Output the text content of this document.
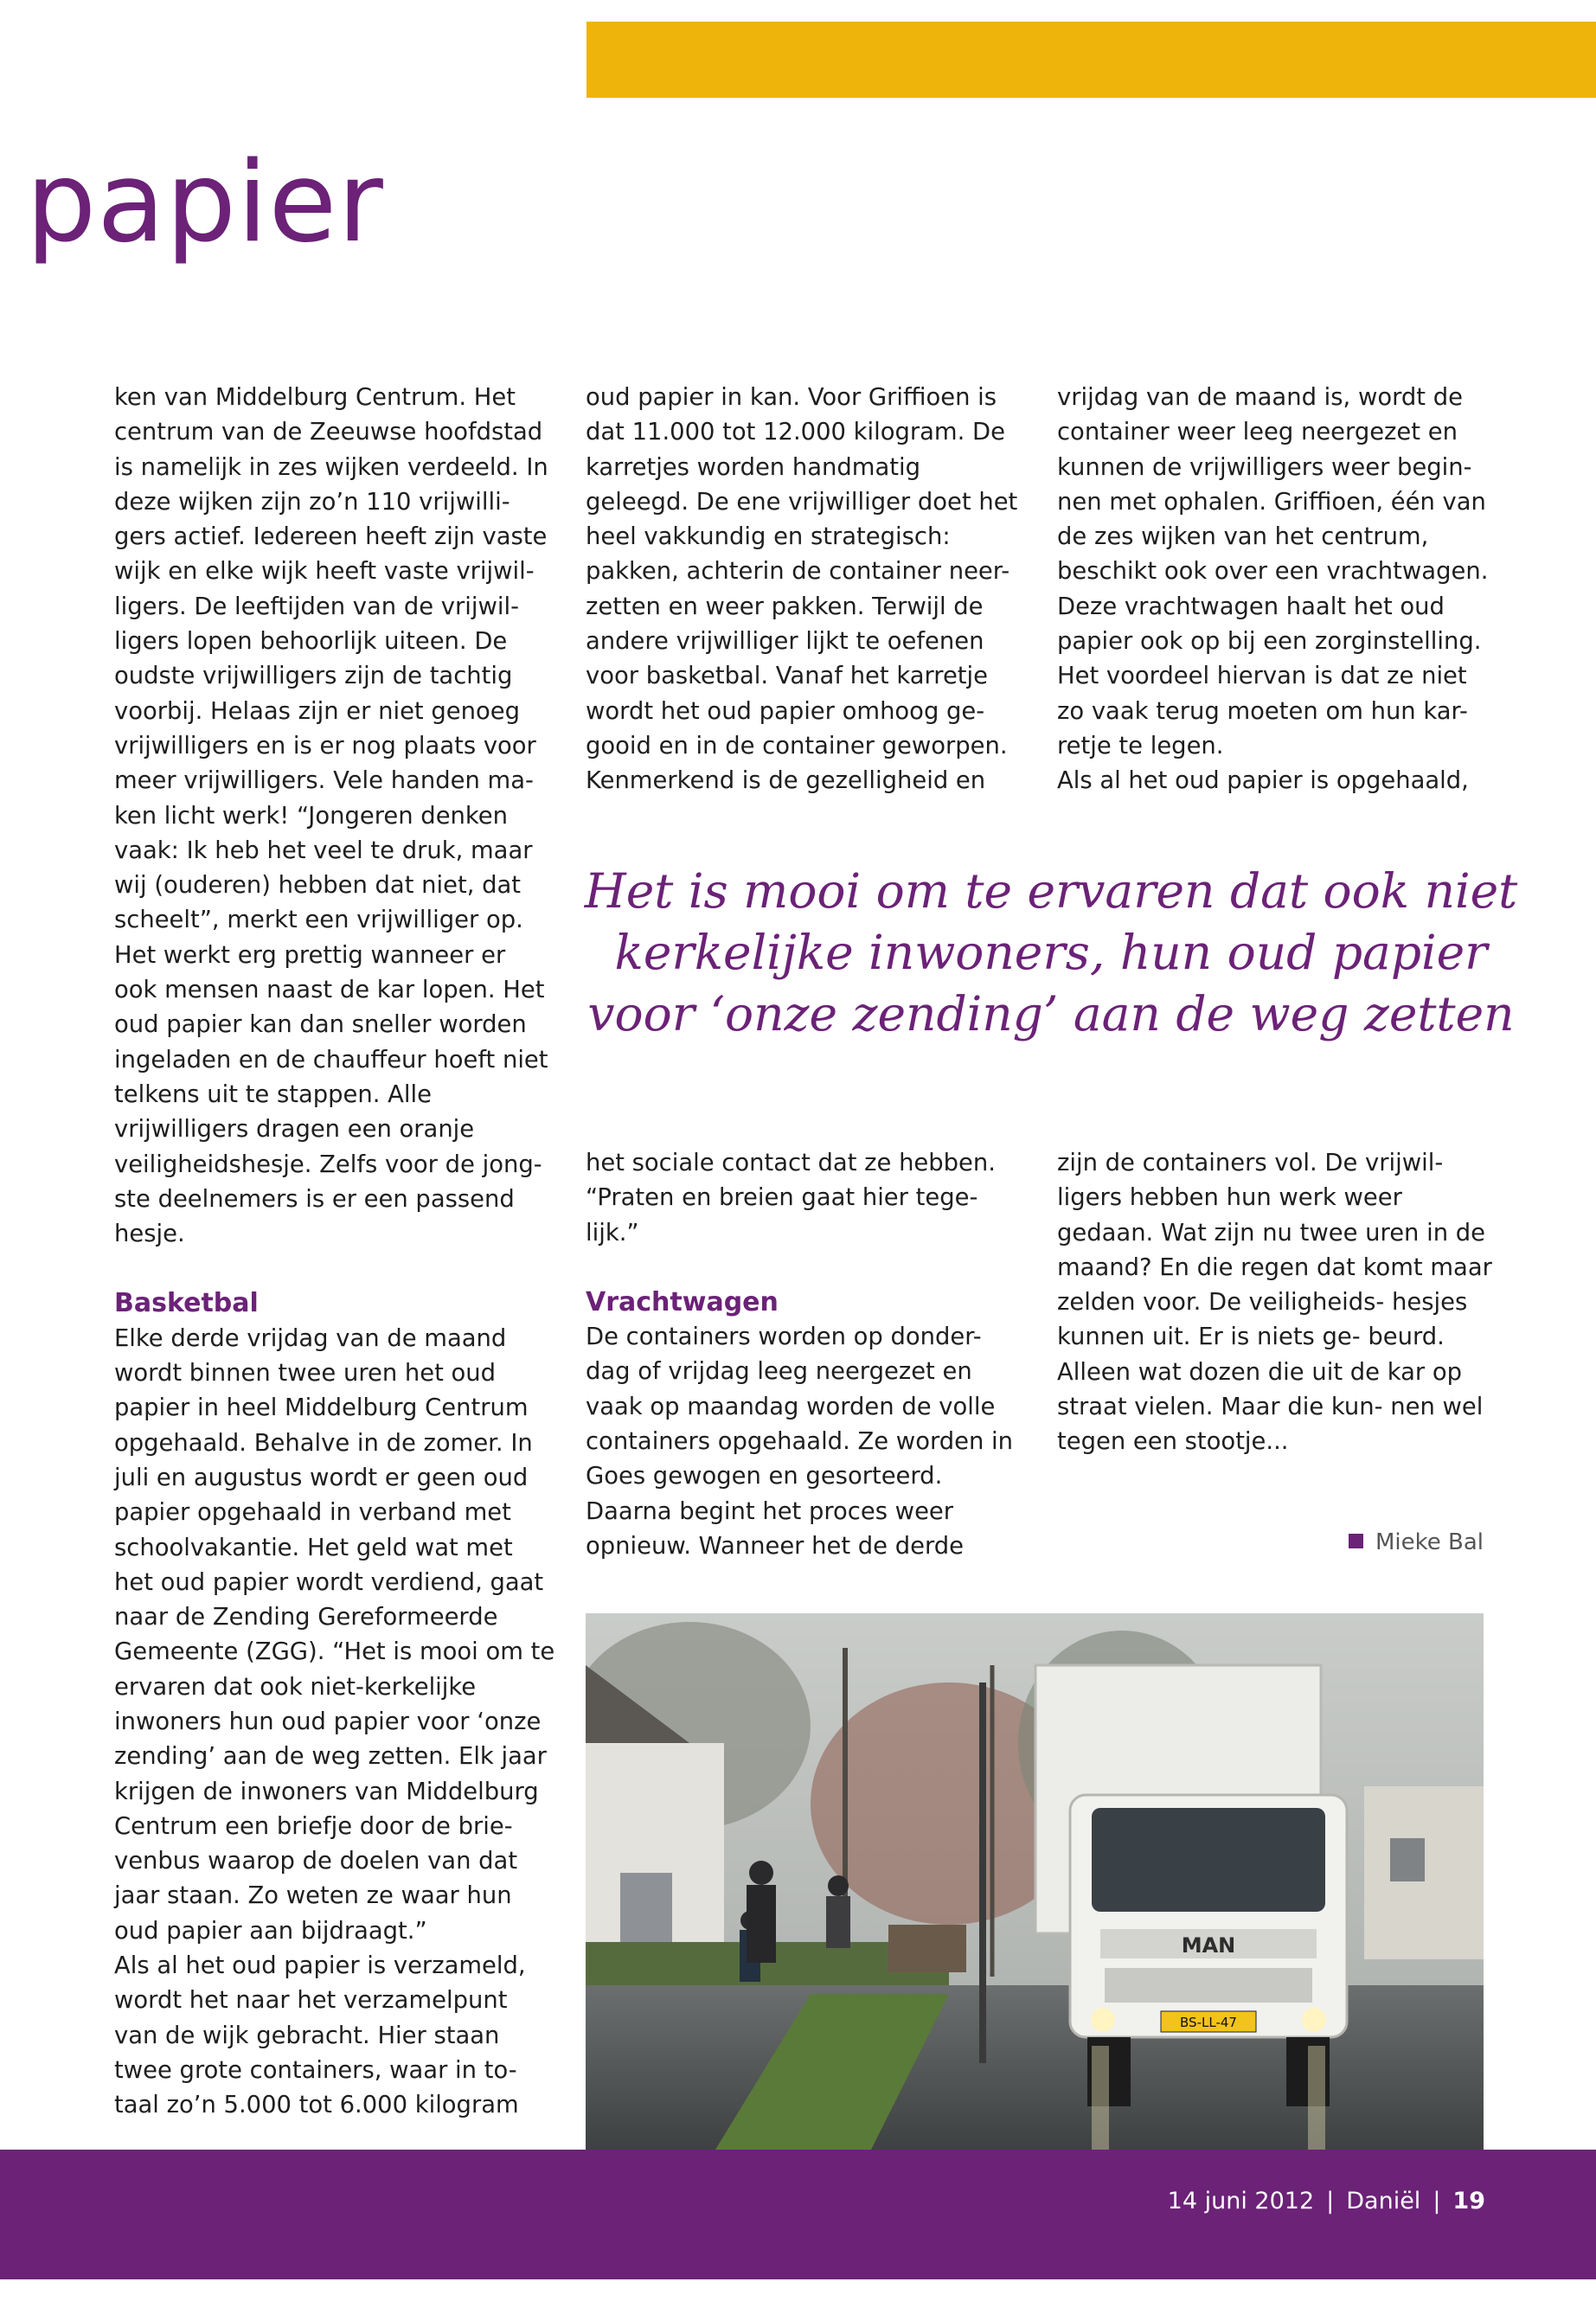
papier

ken van Middelburg Centrum. Het centrum van de Zeeuwse hoofdstad is namelijk in zes wijken verdeeld. In deze wijken zijn zo’n 110 vrijwilli- gers actief. Iedereen heeft zijn vaste wijk en elke wijk heeft vaste vrijwil- ligers. De leeftijden van de vrijwil- ligers lopen behoorlijk uiteen. De oudste vrijwilligers zijn de tachtig voorbij. Helaas zijn er niet genoeg vrijwilligers en is er nog plaats voor meer vrijwilligers. Vele handen ma- ken licht werk! “Jongeren denken vaak: Ik heb het veel te druk, maar wij (ouderen) hebben dat niet, dat scheelt”, merkt een vrijwilliger op. Het werkt erg prettig wanneer er ook mensen naast de kar lopen. Het oud papier kan dan sneller worden ingeladen en de chauffeur hoeft niet telkens uit te stappen. Alle vrijwilligers dragen een oranje veiligheidshesje. Zelfs voor de jong- ste deelnemers is er een passend hesje.

Basketbal

Elke derde vrijdag van de maand wordt binnen twee uren het oud papier in heel Middelburg Centrum opgehaald. Behalve in de zomer. In juli en augustus wordt er geen oud papier opgehaald in verband met schoolvakantie. Het geld wat met het oud papier wordt verdiend, gaat naar de Zending Gereformeerde Gemeente (ZGG). “Het is mooi om te ervaren dat ook niet-kerkelijke inwoners hun oud papier voor ‘onze zending’ aan de weg zetten. Elk jaar krijgen de inwoners van Middelburg Centrum een briefje door de brie- venbus waarop de doelen van dat jaar staan. Zo weten ze waar hun oud papier aan bijdraagt.”

Als al het oud papier is verzameld, wordt het naar het verzamelpunt van de wijk gebracht. Hier staan twee grote containers, waar in to- taal zo’n 5.000 tot 6.000 kilogram

oud papier in kan. Voor Griffioen is dat 11.000 tot 12.000 kilogram. De karretjes worden handmatig geleegd. De ene vrijwilliger doet het heel vakkundig en strategisch: pakken, achterin de container neer- zetten en weer pakken. Terwijl de andere vrijwilliger lijkt te oefenen voor basketbal. Vanaf het karretje wordt het oud papier omhoog ge- gooid en in de container geworpen. Kenmerkend is de gezelligheid en

vrijdag van de maand is, wordt de container weer leeg neergezet en kunnen de vrijwilligers weer begin- nen met ophalen. Griffioen, één van de zes wijken van het centrum, beschikt ook over een vrachtwagen. Deze vrachtwagen haalt het oud papier ook op bij een zorginstelling. Het voordeel hiervan is dat ze niet zo vaak terug moeten om hun kar- retje te legen.

Als al het oud papier is opgehaald,

Het is mooi om te ervaren dat ook niet
kerkelijke inwoners, hun oud papier
voor ‘onze zending’ aan de weg zetten

het sociale contact dat ze hebben. “Praten en breien gaat hier tege- lijk.”

Vrachtwagen

De containers worden op donder- dag of vrijdag leeg neergezet en vaak op maandag worden de volle containers opgehaald. Ze worden in Goes gewogen en gesorteerd. Daarna begint het proces weer opnieuw. Wanneer het de derde

zijn de containers vol. De vrijwil- ligers hebben hun werk weer gedaan. Wat zijn nu twee uren in de maand? En die regen dat komt maar zelden voor. De veiligheids- hesjes kunnen uit. Er is niets ge- beurd. Alleen wat dozen die uit de kar op straat vielen. Maar die kun- nen wel tegen een stootje...

Mieke Bal
MAN
BS-LL-47
14 juni 2012 | Daniël | 19
